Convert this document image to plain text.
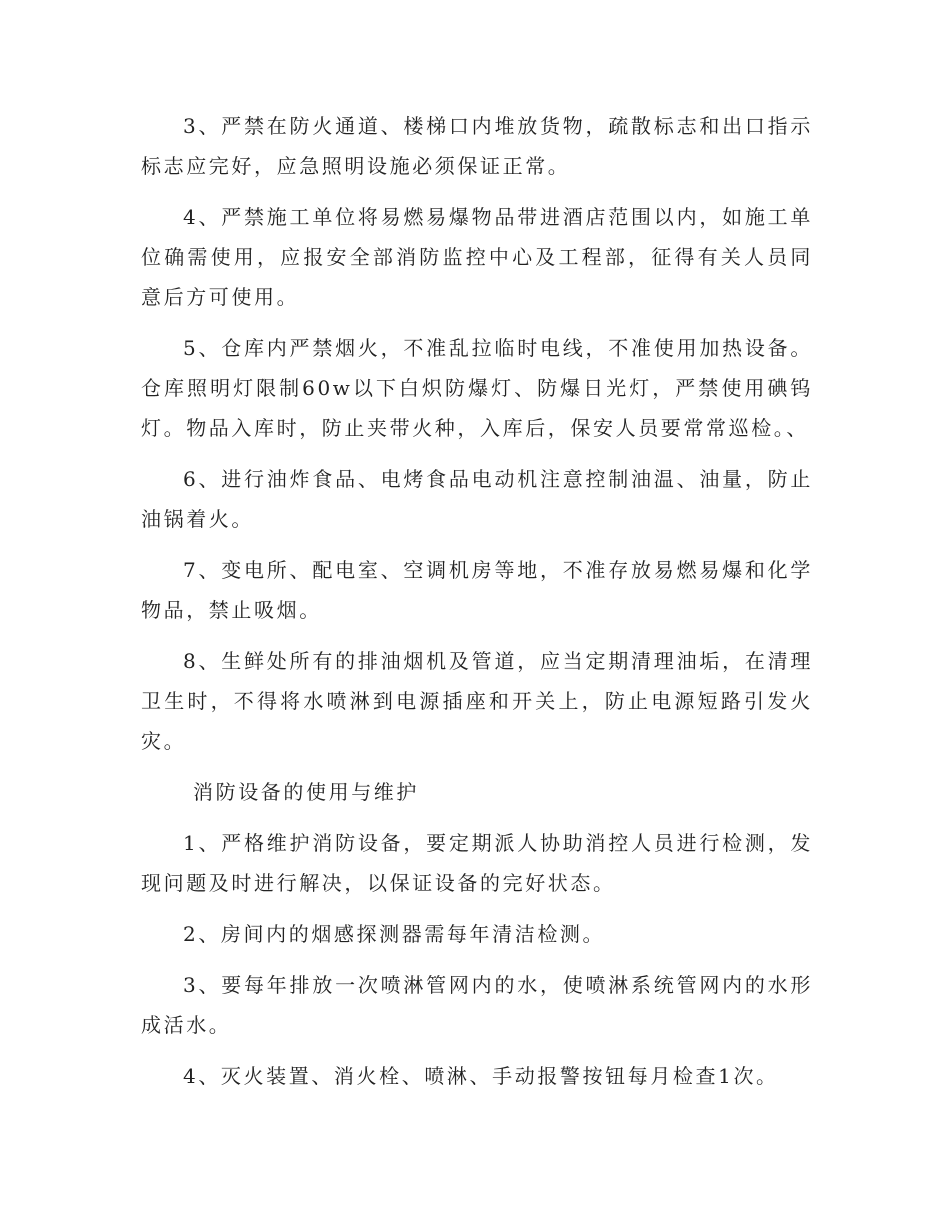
3、严禁在防火通道、楼梯口内堆放货物，疏散标志和出口指示标志应完好，应急照明设施必须保证正常。

4、严禁施工单位将易燃易爆物品带进酒店范围以内，如施工单位确需使用，应报安全部消防监控中心及工程部，征得有关人员同意后方可使用。

5、仓库内严禁烟火，不准乱拉临时电线，不准使用加热设备。仓库照明灯限制60w以下白炽防爆灯、防爆日光灯，严禁使用碘钨灯。物品入库时，防止夹带火种，入库后，保安人员要常常巡检。、

6、进行油炸食品、电烤食品电动机注意控制油温、油量，防止油锅着火。

7、变电所、配电室、空调机房等地，不准存放易燃易爆和化学物品，禁止吸烟。

8、生鲜处所有的排油烟机及管道，应当定期清理油垢，在清理卫生时，不得将水喷淋到电源插座和开关上，防止电源短路引发火灾。

消防设备的使用与维护

1、严格维护消防设备，要定期派人协助消控人员进行检测，发现问题及时进行解决，以保证设备的完好状态。

2、房间内的烟感探测器需每年清洁检测。

3、要每年排放一次喷淋管网内的水，使喷淋系统管网内的水形成活水。

4、灭火装置、消火栓、喷淋、手动报警按钮每月检查1次。
